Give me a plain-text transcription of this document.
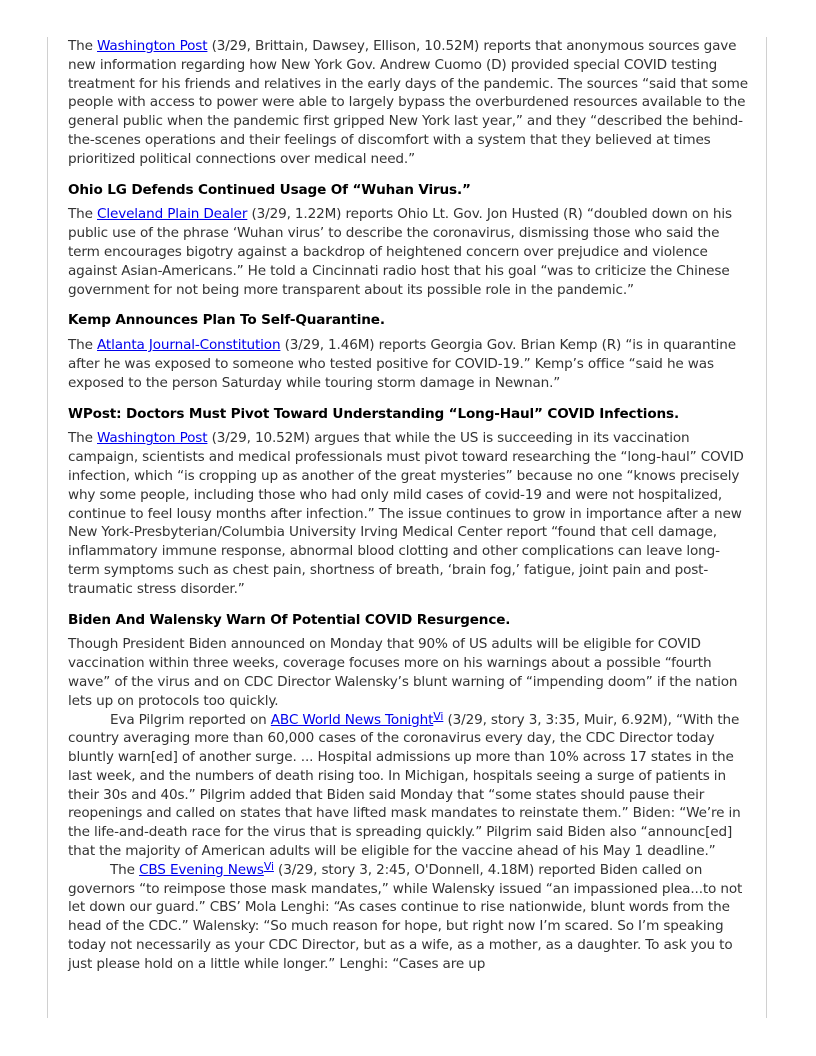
The Washington Post (3/29, Brittain, Dawsey, Ellison, 10.52M) reports that anonymous sources gave new information regarding how New York Gov. Andrew Cuomo (D) provided special COVID testing treatment for his friends and relatives in the early days of the pandemic. The sources “said that some people with access to power were able to largely bypass the overburdened resources available to the general public when the pandemic first gripped New York last year,” and they “described the behind-the-scenes operations and their feelings of discomfort with a system that they believed at times prioritized political connections over medical need.”

Ohio LG Defends Continued Usage Of “Wuhan Virus.”

The Cleveland Plain Dealer (3/29, 1.22M) reports Ohio Lt. Gov. Jon Husted (R) “doubled down on his public use of the phrase ‘Wuhan virus’ to describe the coronavirus, dismissing those who said the term encourages bigotry against a backdrop of heightened concern over prejudice and violence against Asian-Americans.” He told a Cincinnati radio host that his goal “was to criticize the Chinese government for not being more transparent about its possible role in the pandemic.”

Kemp Announces Plan To Self-Quarantine.

The Atlanta Journal-Constitution (3/29, 1.46M) reports Georgia Gov. Brian Kemp (R) “is in quarantine after he was exposed to someone who tested positive for COVID-19.” Kemp’s office “said he was exposed to the person Saturday while touring storm damage in Newnan.”

WPost: Doctors Must Pivot Toward Understanding “Long-Haul” COVID Infections.

The Washington Post (3/29, 10.52M) argues that while the US is succeeding in its vaccination campaign, scientists and medical professionals must pivot toward researching the “long-haul” COVID infection, which “is cropping up as another of the great mysteries” because no one “knows precisely why some people, including those who had only mild cases of covid-19 and were not hospitalized, continue to feel lousy months after infection.” The issue continues to grow in importance after a new New York-Presbyterian/Columbia University Irving Medical Center report “found that cell damage, inflammatory immune response, abnormal blood clotting and other complications can leave long-term symptoms such as chest pain, shortness of breath, ‘brain fog,’ fatigue, joint pain and post-traumatic stress disorder.”

Biden And Walensky Warn Of Potential COVID Resurgence.

Though President Biden announced on Monday that 90% of US adults will be eligible for COVID vaccination within three weeks, coverage focuses more on his warnings about a possible “fourth wave” of the virus and on CDC Director Walensky’s blunt warning of “impending doom” if the nation lets up on protocols too quickly.

Eva Pilgrim reported on ABC World News Tonight$^{Vi}$ (3/29, story 3, 3:35, Muir, 6.92M), “With the country averaging more than 60,000 cases of the coronavirus every day, the CDC Director today bluntly warn[ed] of another surge. ... Hospital admissions up more than 10% across 17 states in the last week, and the numbers of death rising too. In Michigan, hospitals seeing a surge of patients in their 30s and 40s.” Pilgrim added that Biden said Monday that “some states should pause their reopenings and called on states that have lifted mask mandates to reinstate them.” Biden: “We’re in the life-and-death race for the virus that is spreading quickly.” Pilgrim said Biden also “announc[ed] that the majority of American adults will be eligible for the vaccine ahead of his May 1 deadline.”

The CBS Evening News$^{Vi}$ (3/29, story 3, 2:45, O'Donnell, 4.18M) reported Biden called on governors “to reimpose those mask mandates,” while Walensky issued “an impassioned plea...to not let down our guard.” CBS’ Mola Lenghi: “As cases continue to rise nationwide, blunt words from the head of the CDC.” Walensky: “So much reason for hope, but right now I’m scared. So I’m speaking today not necessarily as your CDC Director, but as a wife, as a mother, as a daughter. To ask you to just please hold on a little while longer.” Lenghi: “Cases are up
